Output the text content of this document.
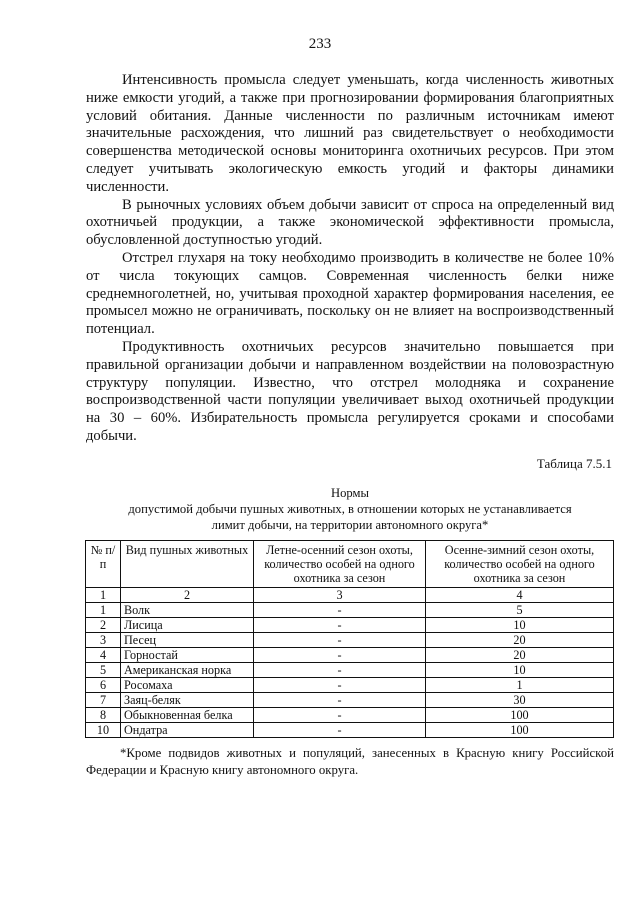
233

Интенсивность промысла следует уменьшать, когда численность животных ниже емкости угодий, а также при прогнозировании формирования благоприятных условий обитания. Данные численности по различным источникам имеют значительные расхождения, что лишний раз свидетельствует о необходимости совершенства методической основы мониторинга охотничьих ресурсов. При этом следует учитывать экологическую емкость угодий и факторы динамики численности.

В рыночных условиях объем добычи зависит от спроса на определенный вид охотничьей продукции, а также экономической эффективности промысла, обусловленной доступностью угодий.

Отстрел глухаря на току необходимо производить в количестве не более 10% от числа токующих самцов. Современная численность белки ниже среднемноголетней, но, учитывая проходной характер формирования населения, ее промысел можно не ограничивать, поскольку он не влияет на воспроизводственный потенциал.

Продуктивность охотничьих ресурсов значительно повышается при правильной организации добычи и направленном воздействии на половозрастную структуру популяции. Известно, что отстрел молодняка и сохранение воспроизводственной части популяции увеличивает выход охотничьей продукции на 30 – 60%. Избирательность промысла регулируется сроками и способами добычи.

Таблица 7.5.1
Нормы
допустимой добычи пушных животных, в отношении которых не устанавливается
лимит добычи, на территории автономного округа*
№ п/п	Вид пушных животных	Летне-осенний сезон охоты, количество особей на одного охотника за сезон	Осенне-зимний сезон охоты, количество особей на одного охотника за сезон
1	2	3	4
1	Волк	-	5
2	Лисица	-	10
3	Песец	-	20
4	Горностай	-	20
5	Американская норка	-	10
6	Росомаха	-	1
7	Заяц-беляк	-	30
8	Обыкновенная белка	-	100
10	Ондатра	-	100
*Кроме подвидов животных и популяций, занесенных в Красную книгу Российской Федерации и Красную книгу автономного округа.
